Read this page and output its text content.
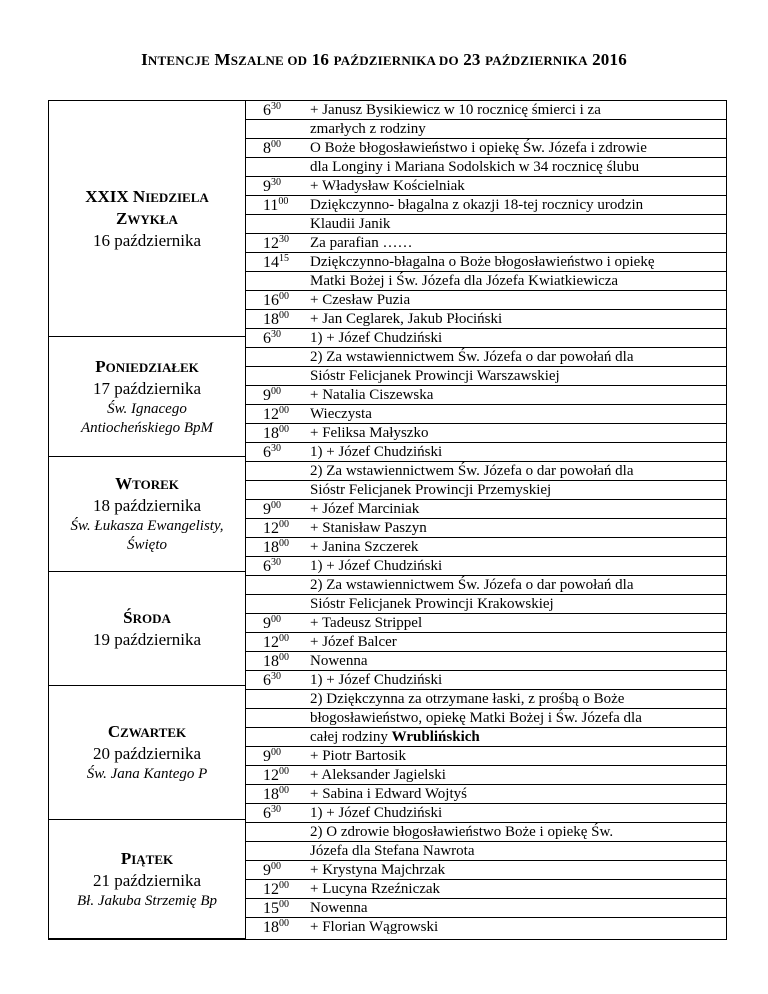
INTENCJE MSZALNE OD 16 PAŹDZIERNIKA DO 23 PAŹDZIERNIKA 2016
XXIX NIEDZIELA
ZWYKŁA
16 października
PONIEDZIAŁEK
17 października
Św. Ignacego
Antiocheńskiego BpM
WTOREK
18 października
Św. Łukasza Ewangelisty,
Święto
ŚRODA
19 października
CZWARTEK
20 października
Św. Jana Kantego P
PIĄTEK
21 października
Bł. Jakuba Strzemię Bp
$6^{30}$ + Janusz Bysikiewicz w 10 rocznicę śmierci i za
zmarłych z rodziny
$8^{00}$ O Boże błogosławieństwo i opiekę Św. Józefa i zdrowie
dla Longiny i Mariana Sodolskich w 34 rocznicę ślubu
$9^{30}$ + Władysław Kościelniak
$11^{00}$ Dziękczynno- błagalna z okazji 18-tej rocznicy urodzin
Klaudii Janik
$12^{30}$ Za parafian ……
$14^{15}$ Dziękczynno-błagalna o Boże błogosławieństwo i opiekę
Matki Bożej i Św. Józefa dla Józefa Kwiatkiewicza
$16^{00}$ + Czesław Puzia
$18^{00}$ + Jan Ceglarek, Jakub Płociński
$6^{30}$ 1) + Józef Chudziński
2) Za wstawiennictwem Św. Józefa o dar powołań dla
Sióstr Felicjanek Prowincji Warszawskiej
$9^{00}$ + Natalia Ciszewska
$12^{00}$ Wieczysta
$18^{00}$ + Feliksa Małyszko
$6^{30}$ 1) + Józef Chudziński
2) Za wstawiennictwem Św. Józefa o dar powołań dla
Sióstr Felicjanek Prowincji Przemyskiej
$9^{00}$ + Józef Marciniak
$12^{00}$ + Stanisław Paszyn
$18^{00}$ + Janina Szczerek
$6^{30}$ 1) + Józef Chudziński
2) Za wstawiennictwem Św. Józefa o dar powołań dla
Sióstr Felicjanek Prowincji Krakowskiej
$9^{00}$ + Tadeusz Strippel
$12^{00}$ + Józef Balcer
$18^{00}$ Nowenna
$6^{30}$ 1) + Józef Chudziński
2) Dziękczynna za otrzymane łaski, z prośbą o Boże
błogosławieństwo, opiekę Matki Bożej i Św. Józefa dla
całej rodziny Wrublińskich
$9^{00}$ + Piotr Bartosik
$12^{00}$ + Aleksander Jagielski
$18^{00}$ + Sabina i Edward Wojtyś
$6^{30}$ 1) + Józef Chudziński
2) O zdrowie błogosławieństwo Boże i opiekę Św.
Józefa dla Stefana Nawrota
$9^{00}$ + Krystyna Majchrzak
$12^{00}$ + Lucyna Rzeźniczak
$15^{00}$ Nowenna
$18^{00}$ + Florian Wągrowski
